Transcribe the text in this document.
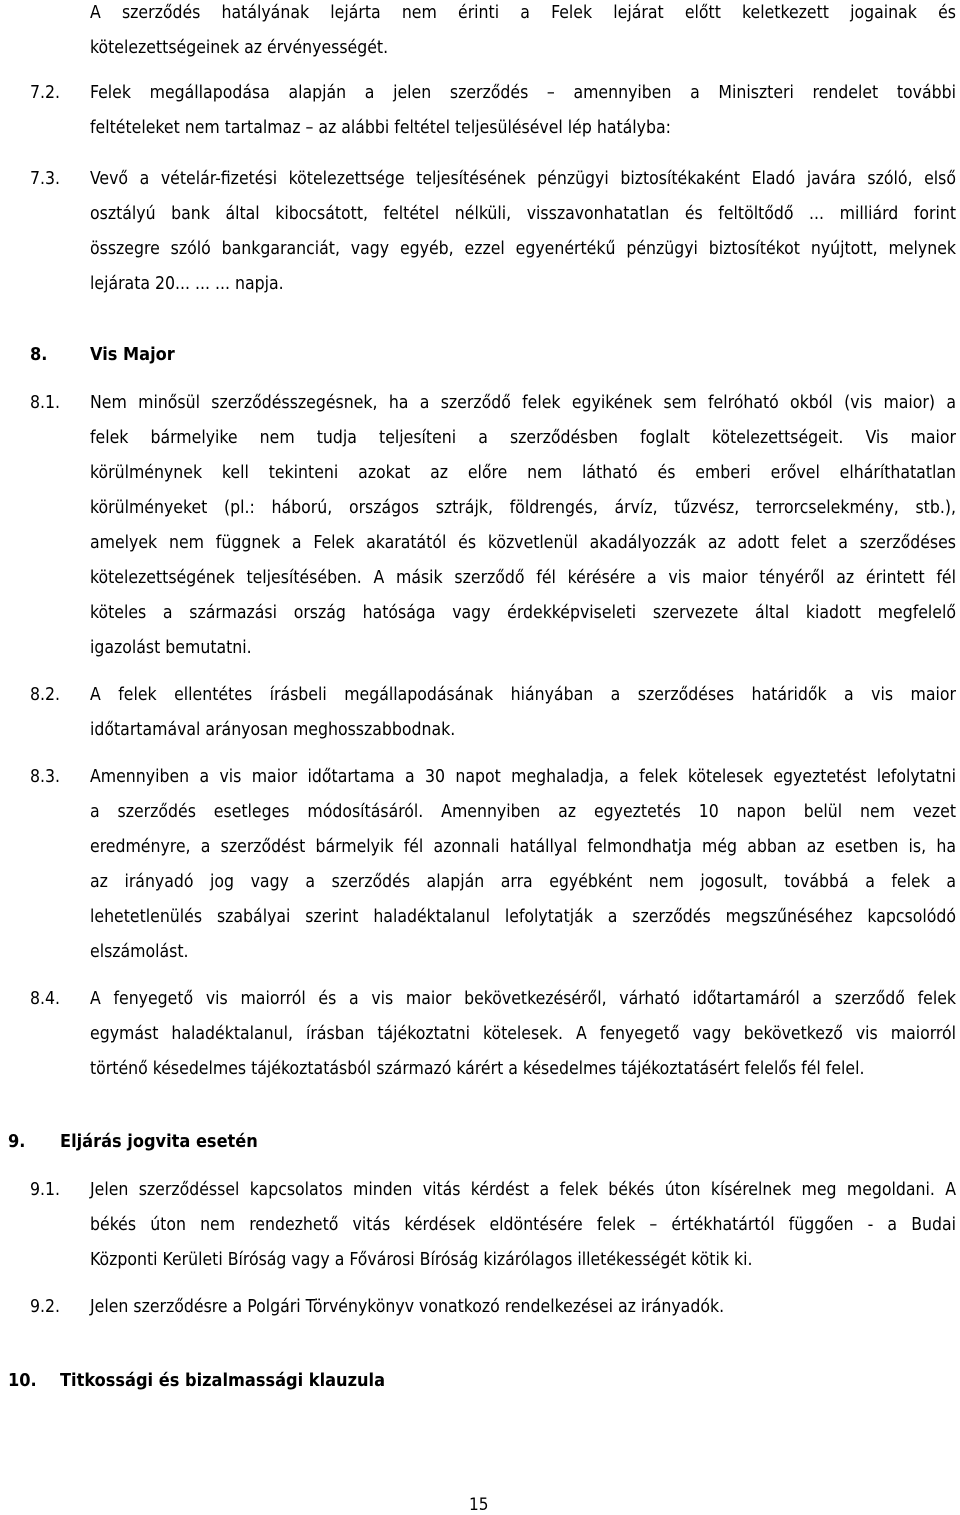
A szerződés hatályának lejárta nem érinti a Felek lejárat előtt keletkezett jogainak és
kötelezettségeinek az érvényességét.
7.2. Felek megállapodása alapján a jelen szerződés – amennyiben a Miniszteri rendelet további
feltételeket nem tartalmaz – az alábbi feltétel teljesülésével lép hatályba:
7.3. Vevő a vételár-fizetési kötelezettsége teljesítésének pénzügyi biztosítékaként Eladó javára szóló, első
osztályú bank által kibocsátott, feltétel nélküli, visszavonhatatlan és feltöltődő ... milliárd forint
összegre szóló bankgaranciát, vagy egyéb, ezzel egyenértékű pénzügyi biztosítékot nyújtott, melynek
lejárata 20... ... ... napja.
8. Vis Major
8.1. Nem minősül szerződésszegésnek, ha a szerződő felek egyikének sem felróható okból (vis maior) a
felek bármelyike nem tudja teljesíteni a szerződésben foglalt kötelezettségeit. Vis maior
körülménynek kell tekinteni azokat az előre nem látható és emberi erővel elháríthatatlan
körülményeket (pl.: háború, országos sztrájk, földrengés, árvíz, tűzvész, terrorcselekmény, stb.),
amelyek nem függnek a Felek akaratától és közvetlenül akadályozzák az adott felet a szerződéses
kötelezettségének teljesítésében. A másik szerződő fél kérésére a vis maior tényéről az érintett fél
köteles a származási ország hatósága vagy érdekképviseleti szervezete által kiadott megfelelő
igazolást bemutatni.
8.2. A felek ellentétes írásbeli megállapodásának hiányában a szerződéses határidők a vis maior
időtartamával arányosan meghosszabbodnak.
8.3. Amennyiben a vis maior időtartama a 30 napot meghaladja, a felek kötelesek egyeztetést lefolytatni
a szerződés esetleges módosításáról. Amennyiben az egyeztetés 10 napon belül nem vezet
eredményre, a szerződést bármelyik fél azonnali hatállyal felmondhatja még abban az esetben is, ha
az irányadó jog vagy a szerződés alapján arra egyébként nem jogosult, továbbá a felek a
lehetetlenülés szabályai szerint haladéktalanul lefolytatják a szerződés megszűnéséhez kapcsolódó
elszámolást.
8.4. A fenyegető vis maiorról és a vis maior bekövetkezéséről, várható időtartamáról a szerződő felek
egymást haladéktalanul, írásban tájékoztatni kötelesek. A fenyegető vagy bekövetkező vis maiorról
történő késedelmes tájékoztatásból származó kárért a késedelmes tájékoztatásért felelős fél felel.
9. Eljárás jogvita esetén
9.1. Jelen szerződéssel kapcsolatos minden vitás kérdést a felek békés úton kísérelnek meg megoldani. A
békés úton nem rendezhető vitás kérdések eldöntésére felek – értékhatártól függően - a Budai
Központi Kerületi Bíróság vagy a Fővárosi Bíróság kizárólagos illetékességét kötik ki.
9.2. Jelen szerződésre a Polgári Törvénykönyv vonatkozó rendelkezései az irányadók.
10. Titkossági és bizalmassági klauzula
15
